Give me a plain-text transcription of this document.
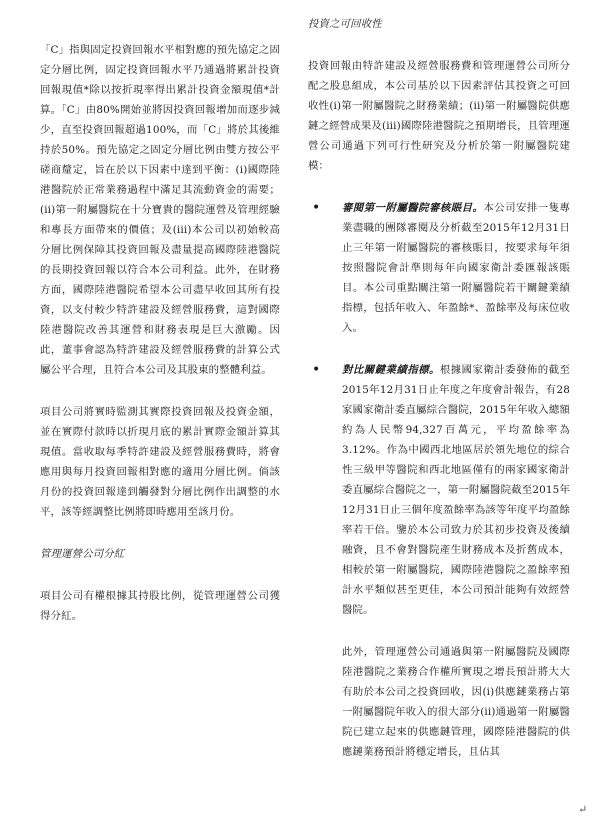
「C」指與固定投資回報水平相對應的預先協定之固定分層比例，固定投資回報水平乃通過將累計投資回報現值*除以按折現率得出累計投資金額現值*計算。「C」由80%開始並將因投資回報增加而逐步減少，直至投資回報超過100%，而「C」將於其後維持於50%。預先協定之固定分層比例由雙方按公平磋商釐定，旨在於以下因素中達到平衡：(i)國際陸港醫院於正常業務過程中滿足其流動資金的需要；(ii)第一附屬醫院在十分寶貴的醫院運營及管理經驗和專長方面帶來的價值；及(iii)本公司以初始較高分層比例保障其投資回報及盡量提高國際陸港醫院的長期投資回報以符合本公司利益。此外，在財務方面，國際陸港醫院希望本公司盡早收回其所有投資，以支付較少特許建設及經營服務費，這對國際陸港醫院改善其運營和財務表現是巨大激勵。因此，董事會認為特許建設及經營服務費的計算公式屬公平合理，且符合本公司及其股東的整體利益。

項目公司將實時監測其實際投資回報及投資金額，並在實際付款時以折現月底的累計實際金額計算其現值。當收取每季特許建設及經營服務費時，將會應用與每月投資回報相對應的適用分層比例。倘該月份的投資回報達到觸發對分層比例作出調整的水平，該等經調整比例將即時應用至該月份。

管理運營公司分紅

項目公司有權根據其持股比例，從管理運營公司獲得分紅。

投資之可回收性

投資回報由特許建設及經營服務費和管理運營公司所分配之股息組成，本公司基於以下因素評估其投資之可回收性(i)第一附屬醫院之財務業績；(ii)第一附屬醫院供應鏈之經營成果及(iii)國際陸港醫院之預期增長，且管理運營公司通過下列可行性研究及分析於第一附屬醫院建模：

• 審閱第一附屬醫院審核賬目。本公司安排一隻專業盡職的團隊審閱及分析截至2015年12月31日止三年第一附屬醫院的審核賬目，按要求每年須按照醫院會計準則每年向國家衛計委匯報該賬目。本公司重點關注第一附屬醫院若干關鍵業績指標，包括年收入、年盈餘*、盈餘率及每床位收入。

• 對比關鍵業績指標。根據國家衛計委發佈的截至2015年12月31日止年度之年度會計報告，有28家國家衛計委直屬綜合醫院，2015年年收入總額約為人民幣94,327百萬元，平均盈餘率為3.12%。作為中國西北地區居於領先地位的綜合性三級甲等醫院和西北地區僅有的兩家國家衛計委直屬綜合醫院之一，第一附屬醫院截至2015年12月31日止三個年度盈餘率為該等年度平均盈餘率若干倍。鑒於本公司致力於其初步投資及後續融資，且不會對醫院產生財務成本及折舊成本，相較於第一附屬醫院，國際陸港醫院之盈餘率預計水平類似甚至更佳，本公司預計能夠有效經營醫院。

此外，管理運營公司通過與第一附屬醫院及國際陸港醫院之業務合作權所實現之增長預計將大大有助於本公司之投資回收，因(i)供應鏈業務占第一附屬醫院年收入的很大部分(ii)通過第一附屬醫院已建立起來的供應鏈管理，國際陸港醫院的供應鏈業務預計將穩定增長，且佔其

↵
